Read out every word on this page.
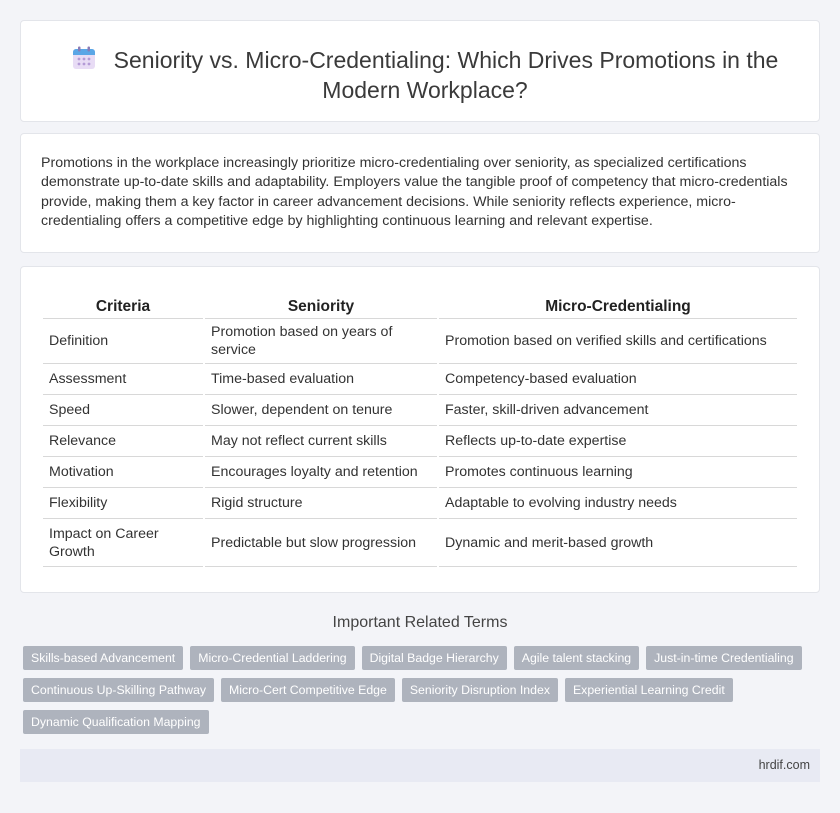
Seniority vs. Micro-Credentialing: Which Drives Promotions in the Modern Workplace?

Promotions in the workplace increasingly prioritize micro-credentialing over seniority, as specialized certifications demonstrate up-to-date skills and adaptability. Employers value the tangible proof of competency that micro-credentials provide, making them a key factor in career advancement decisions. While seniority reflects experience, micro-credentialing offers a competitive edge by highlighting continuous learning and relevant expertise.

Criteria	Seniority	Micro-Credentialing
Definition	Promotion based on years of service	Promotion based on verified skills and certifications
Assessment	Time-based evaluation	Competency-based evaluation
Speed	Slower, dependent on tenure	Faster, skill-driven advancement
Relevance	May not reflect current skills	Reflects up-to-date expertise
Motivation	Encourages loyalty and retention	Promotes continuous learning
Flexibility	Rigid structure	Adaptable to evolving industry needs
Impact on Career Growth	Predictable but slow progression	Dynamic and merit-based growth
Important Related Terms
Skills-based Advancement	Micro-Credential Laddering	Digital Badge Hierarchy	Agile talent stacking	Just-in-time Credentialing
Continuous Up-Skilling Pathway	Micro-Cert Competitive Edge	Seniority Disruption Index	Experiential Learning Credit
Dynamic Qualification Mapping
hrdif.com
